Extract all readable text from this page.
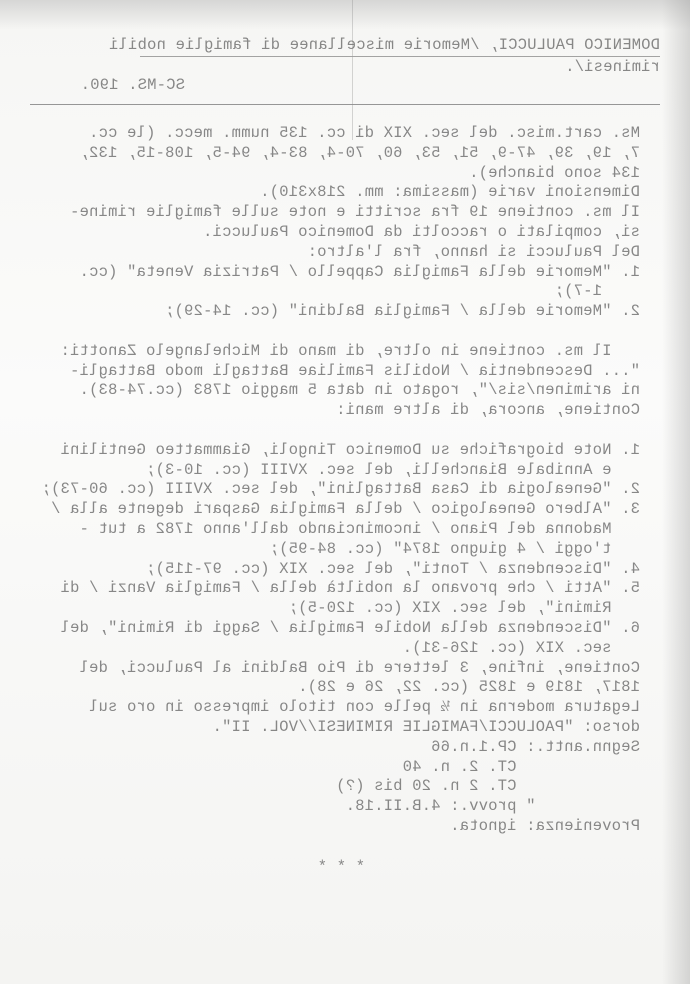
DOMENICO PAULUCCI, /Memorie miscellanee di famiglie nobili
riminesi/.
SC-MS. 190.
Ms. cart.misc. del sec. XIX di cc. 135 numm. mecc. (le cc.
7, 19, 39, 47-9, 51, 53, 60, 70-4, 83-4, 94-5, 108-15, 132,
134 sono bianche).
Dimensioni varie (massima: mm. 218x310).
Il ms. contiene 19 fra scritti e note sulle famiglie rimine-
si, compilati o raccolti da Domenico Paulucci.
Del Paulucci si hanno, fra l'altro:
1. "Memorie della Famiglia Cappello / Patrizia Veneta" (cc.
1-7);
2. "Memorie della / Famiglia Baldini" (cc. 14-29);
Il ms. contiene in oltre, di mano di Michelangelo Zanotti:
"... Descendentia / Nobilis Familiae Battagli modo Battagli-
ni ariminen/sis/", rogato in data 5 maggio 1783 (cc.74-83).
Contiene, ancora, di altre mani:
1. Note biografiche su Domenico Tingoli, Giammatteo Gentilini
e Annibale Bianchelli, del sec. XVIII (cc. 10-3);
2. "Genealogia di Casa Battaglini", del sec. XVIII (cc. 60-73);
3. "Albero Genealogico / della Famiglia Gaspari degente alla /
Madonna del Piano / incominciando dall'anno 1782 a tut -
t'oggi / 4 giugno 1874" (cc. 84-95);
4. "Discendenza / Tonti", del sec. XIX (cc. 97-115);
5. "Atti / che provano la nobiltà della / Famiglia Vanzi / di
Rimini", del sec. XIX (cc. 120-5);
6. "Discendenza della Nobile Famiglia / Saggi di Rimini", del
sec. XIX (cc. 126-31).
Contiene, infine, 3 lettere di Pio Baldini al Paulucci, del
1817, 1819 e 1825 (cc. 22, 26 e 28).
Legatura moderna in ½ pelle con titolo impresso in oro sul
dorso: "PAOLUCCI/FAMIGLIE RIMINESI//VOL. II".
Segnn.antt.: CP.1.n.66
CT. 2. n. 40
CT. 2 n. 20 bis (?)
" provv.: 4.B.II.18.
Provenienza: ignota.
* * *
